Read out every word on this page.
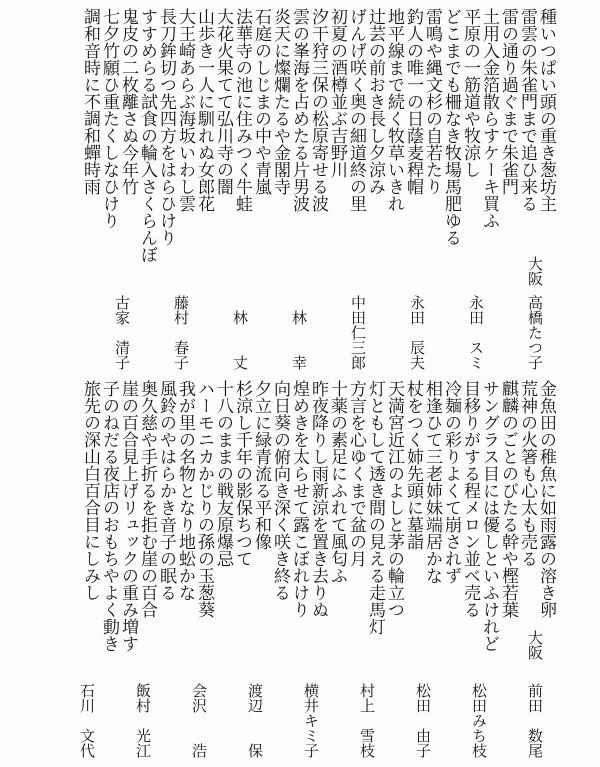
種いつぱい頭の重き葱坊主
雷雲の朱雀門まで追ひ来る
雷の通り過ぐまで朱雀門
土用入金箔散らすケーキ買ふ
平原の一筋道や牧涼し
どこまでも柵なき牧場馬肥ゆる
雷鳴や縄文杉の自若たり
釣人の唯一の日蔭麦稈帽
地平線まで続く牧草いきれ
辻芸の前おき長し夕涼み
げんげ咲く奥の細道終の里
初夏の酒樽並ぶ吉野川
汐干狩三保の松原寄せる波
雲の峯海を占めたる片男波
炎天に燦爛たるや金閣寺
石庭のしじまの中や青嵐
法華寺の池に住みつく牛蛙
大花火果てて弘川寺の闇
山歩き一人に馴れぬ女郎花
大王崎あらぶ海坂いわし雲
長刀鉾切つ先四方をはらひけり
すすめらる試食の輪入さくらんぼ
鬼皮の二枚離さぬ今年竹
七夕竹願ひ重たくしなひけり
調和音時に不調和蟬時雨
大阪
高橋たつ子
永田　スミ
永田　辰夫
中田仁三郎
林　　幸
林　　丈
藤村　春子
古家　清子
金魚田の稚魚に如雨露の溶き卵
荒神の火箸も心太も売る
麒麟のごとのびたる幹や樫若葉
サングラス目には優しといふけれど
目移りがする程メロン並べ売る
冷麺の彩りよくて崩されず
相逢ひて三老姉妹端居かな
杖をつく姉先頭に墓詣
天満宮近江のよしと茅の輪立つ
灯ともして透き間の見える走馬灯
方言を心ゆくまで盆の月
十薬の素足にふれて風匂ふ
昨夜降りし雨新涼を置き去りぬ
煌めきを太らせて露こぼれけり
向日葵の俯向き深く咲き終る
夕立に緑青流る平和像
杉涼し千年の影保ちつて
十八のままの戦友原爆忌
ハーモニカかじりの孫の玉葱葵
我が里の名物となり地蚣かな
風鈴のやはらかき音子の眠る
奥久慈や手折るを拒む崖の百合
崖の百合見上げリュックの重み増す
子のねだる夜店のおもちやよく動き
旅先の深山白百合目にしみし
大阪
前田　数尾
松田みち枝
松田　由子
村上　雪枝
横井キミ子
渡辺　　保
会沢　　浩
飯村　光江
石川　文代
